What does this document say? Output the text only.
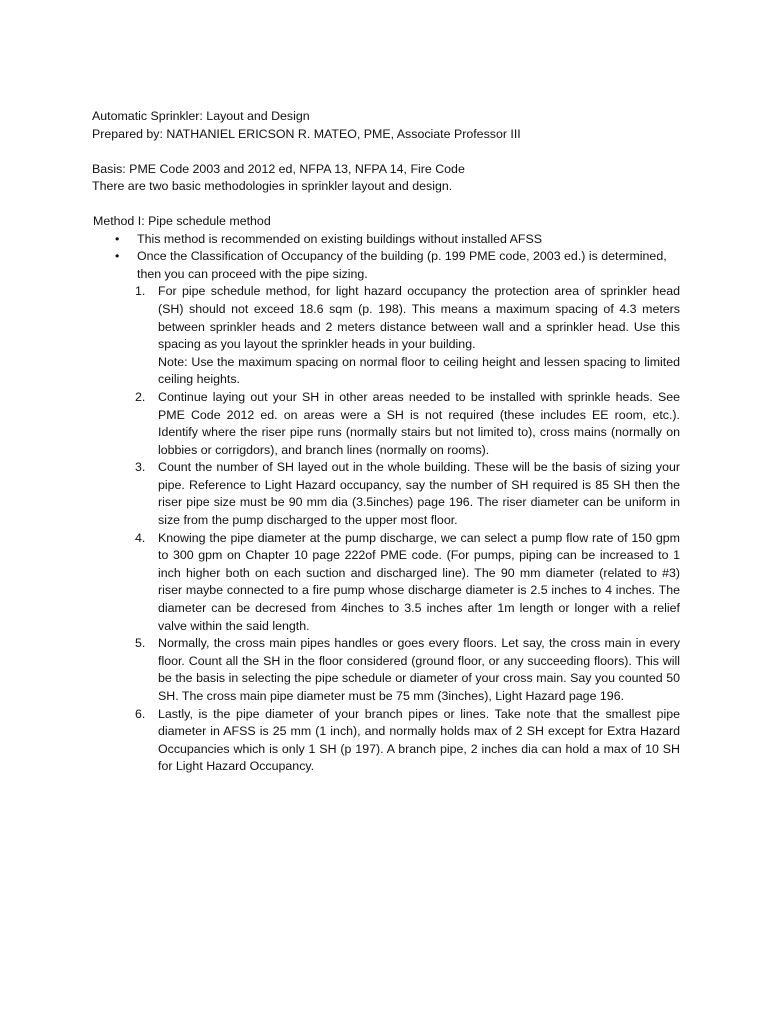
Automatic Sprinkler: Layout and Design

Prepared by: NATHANIEL ERICSON R. MATEO, PME, Associate Professor III

Basis: PME Code 2003 and 2012 ed, NFPA 13, NFPA 14, Fire Code

There are two basic methodologies in sprinkler layout and design.

Method I: Pipe schedule method

• This method is recommended on existing buildings without installed AFSS
• Once the Classification of Occupancy of the building (p. 199 PME code, 2003 ed.) is determined, then you can proceed with the pipe sizing.
1. For pipe schedule method, for light hazard occupancy the protection area of sprinkler head (SH) should not exceed 18.6 sqm (p. 198). This means a maximum spacing of 4.3 meters between sprinkler heads and 2 meters distance between wall and a sprinkler head. Use this spacing as you layout the sprinkler heads in your building.
Note: Use the maximum spacing on normal floor to ceiling height and lessen spacing to limited ceiling heights.
2. Continue laying out your SH in other areas needed to be installed with sprinkle heads. See PME Code 2012 ed. on areas were a SH is not required (these includes EE room, etc.). Identify where the riser pipe runs (normally stairs but not limited to), cross mains (normally on lobbies or corrigdors), and branch lines (normally on rooms).
3. Count the number of SH layed out in the whole building. These will be the basis of sizing your pipe. Reference to Light Hazard occupancy, say the number of SH required is 85 SH then the riser pipe size must be 90 mm dia (3.5inches) page 196. The riser diameter can be uniform in size from the pump discharged to the upper most floor.
4. Knowing the pipe diameter at the pump discharge, we can select a pump flow rate of 150 gpm to 300 gpm on Chapter 10 page 222of PME code. (For pumps, piping can be increased to 1 inch higher both on each suction and discharged line). The 90 mm diameter (related to #3) riser maybe connected to a fire pump whose discharge diameter is 2.5 inches to 4 inches. The diameter can be decresed from 4inches to 3.5 inches after 1m length or longer with a relief valve within the said length.
5. Normally, the cross main pipes handles or goes every floors. Let say, the cross main in every floor. Count all the SH in the floor considered (ground floor, or any succeeding floors). This will be the basis in selecting the pipe schedule or diameter of your cross main. Say you counted 50 SH. The cross main pipe diameter must be 75 mm (3inches), Light Hazard page 196.
6. Lastly, is the pipe diameter of your branch pipes or lines. Take note that the smallest pipe diameter in AFSS is 25 mm (1 inch), and normally holds max of 2 SH except for Extra Hazard Occupancies which is only 1 SH (p 197). A branch pipe, 2 inches dia can hold a max of 10 SH for Light Hazard Occupancy.
